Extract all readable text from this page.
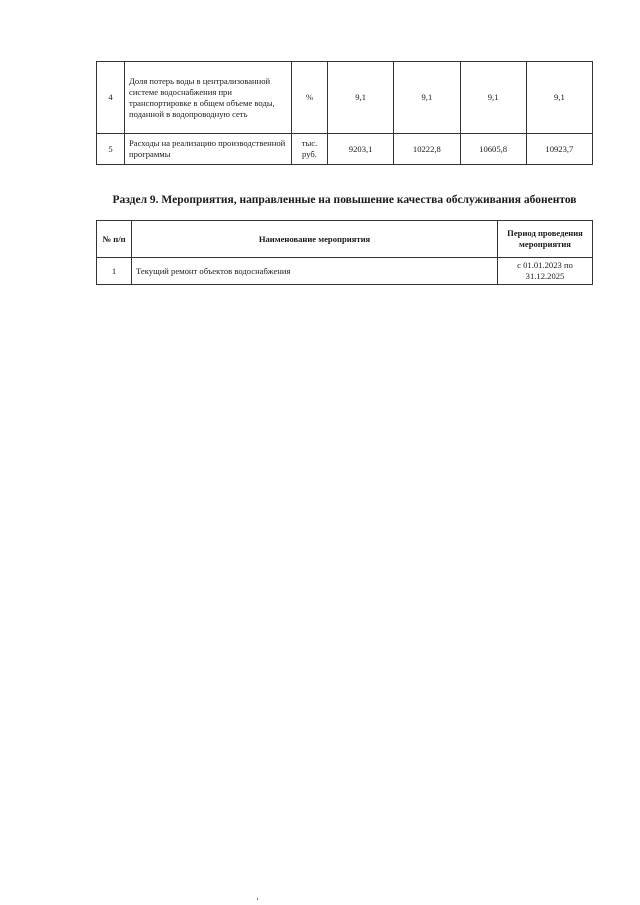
4	Доля потерь воды в централизованной системе водоснабжения при транспортировке в общем объеме воды, поданной в водопроводную сеть	%	9,1	9,1	9,1	9,1
5	Расходы на реализацию производственной программы	тыс. руб.	9203,1	10222,8	10605,8	10923,7
Раздел 9. Мероприятия, направленные на повышение качества обслуживания абонентов
№ п/п	Наименование мероприятия	Период проведения мероприятия
1	Текущий ремонт объектов водоснабжения	с 01.01.2023 по 31.12.2025
